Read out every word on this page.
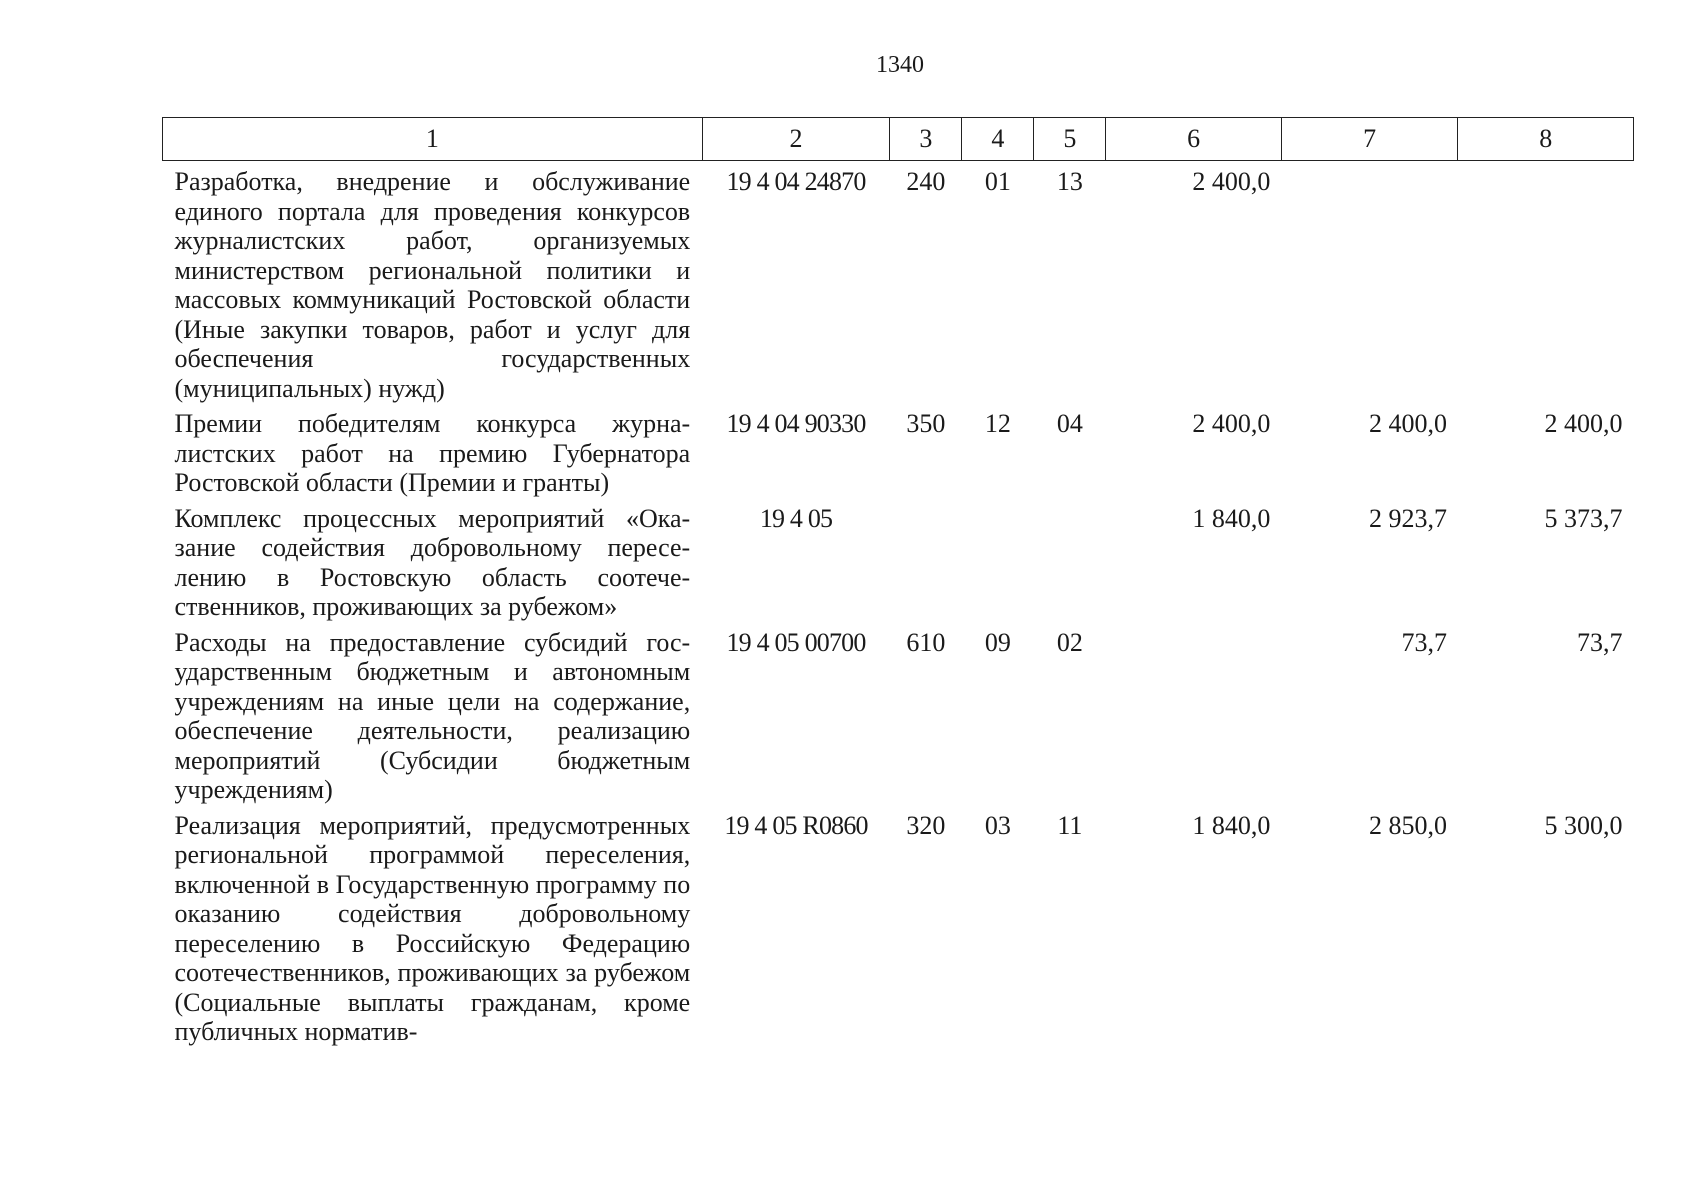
1340
1	2	3	4	5	6	7	8
Разработка, внедрение и обслуживание единого портала для проведения конкурсов журналистских работ, организуемых министерством региональной политики и массовых коммуникаций Ростовской области (Иные закупки товаров, работ и услуг для обеспечения государственных (муниципальных) нужд)	19 4 04 24870	240	01	13	2 400,0		
Премии победителям конкурса журналистских работ на премию Губернатора Ростовской области (Премии и гранты)	19 4 04 90330	350	12	04	2 400,0	2 400,0	2 400,0
Комплекс процессных мероприятий «Оказание содействия добровольному переселению в Ростовскую область соотечественников, проживающих за рубежом»	19 4 05				1 840,0	2 923,7	5 373,7
Расходы на предоставление субсидий государственным бюджетным и автономным учреждениям на иные цели на содержание, обеспечение деятельности, реализацию мероприятий (Субсидии бюджетным учреждениям)	19 4 05 00700	610	09	02		73,7	73,7
Реализация мероприятий, предусмотренных региональной программой переселения, включенной в Государственную программу по оказанию содействия добровольному переселению в Российскую Федерацию соотечественников, проживающих за рубежом (Социальные выплаты гражданам, кроме публичных норматив-	19 4 05 R0860	320	03	11	1 840,0	2 850,0	5 300,0
